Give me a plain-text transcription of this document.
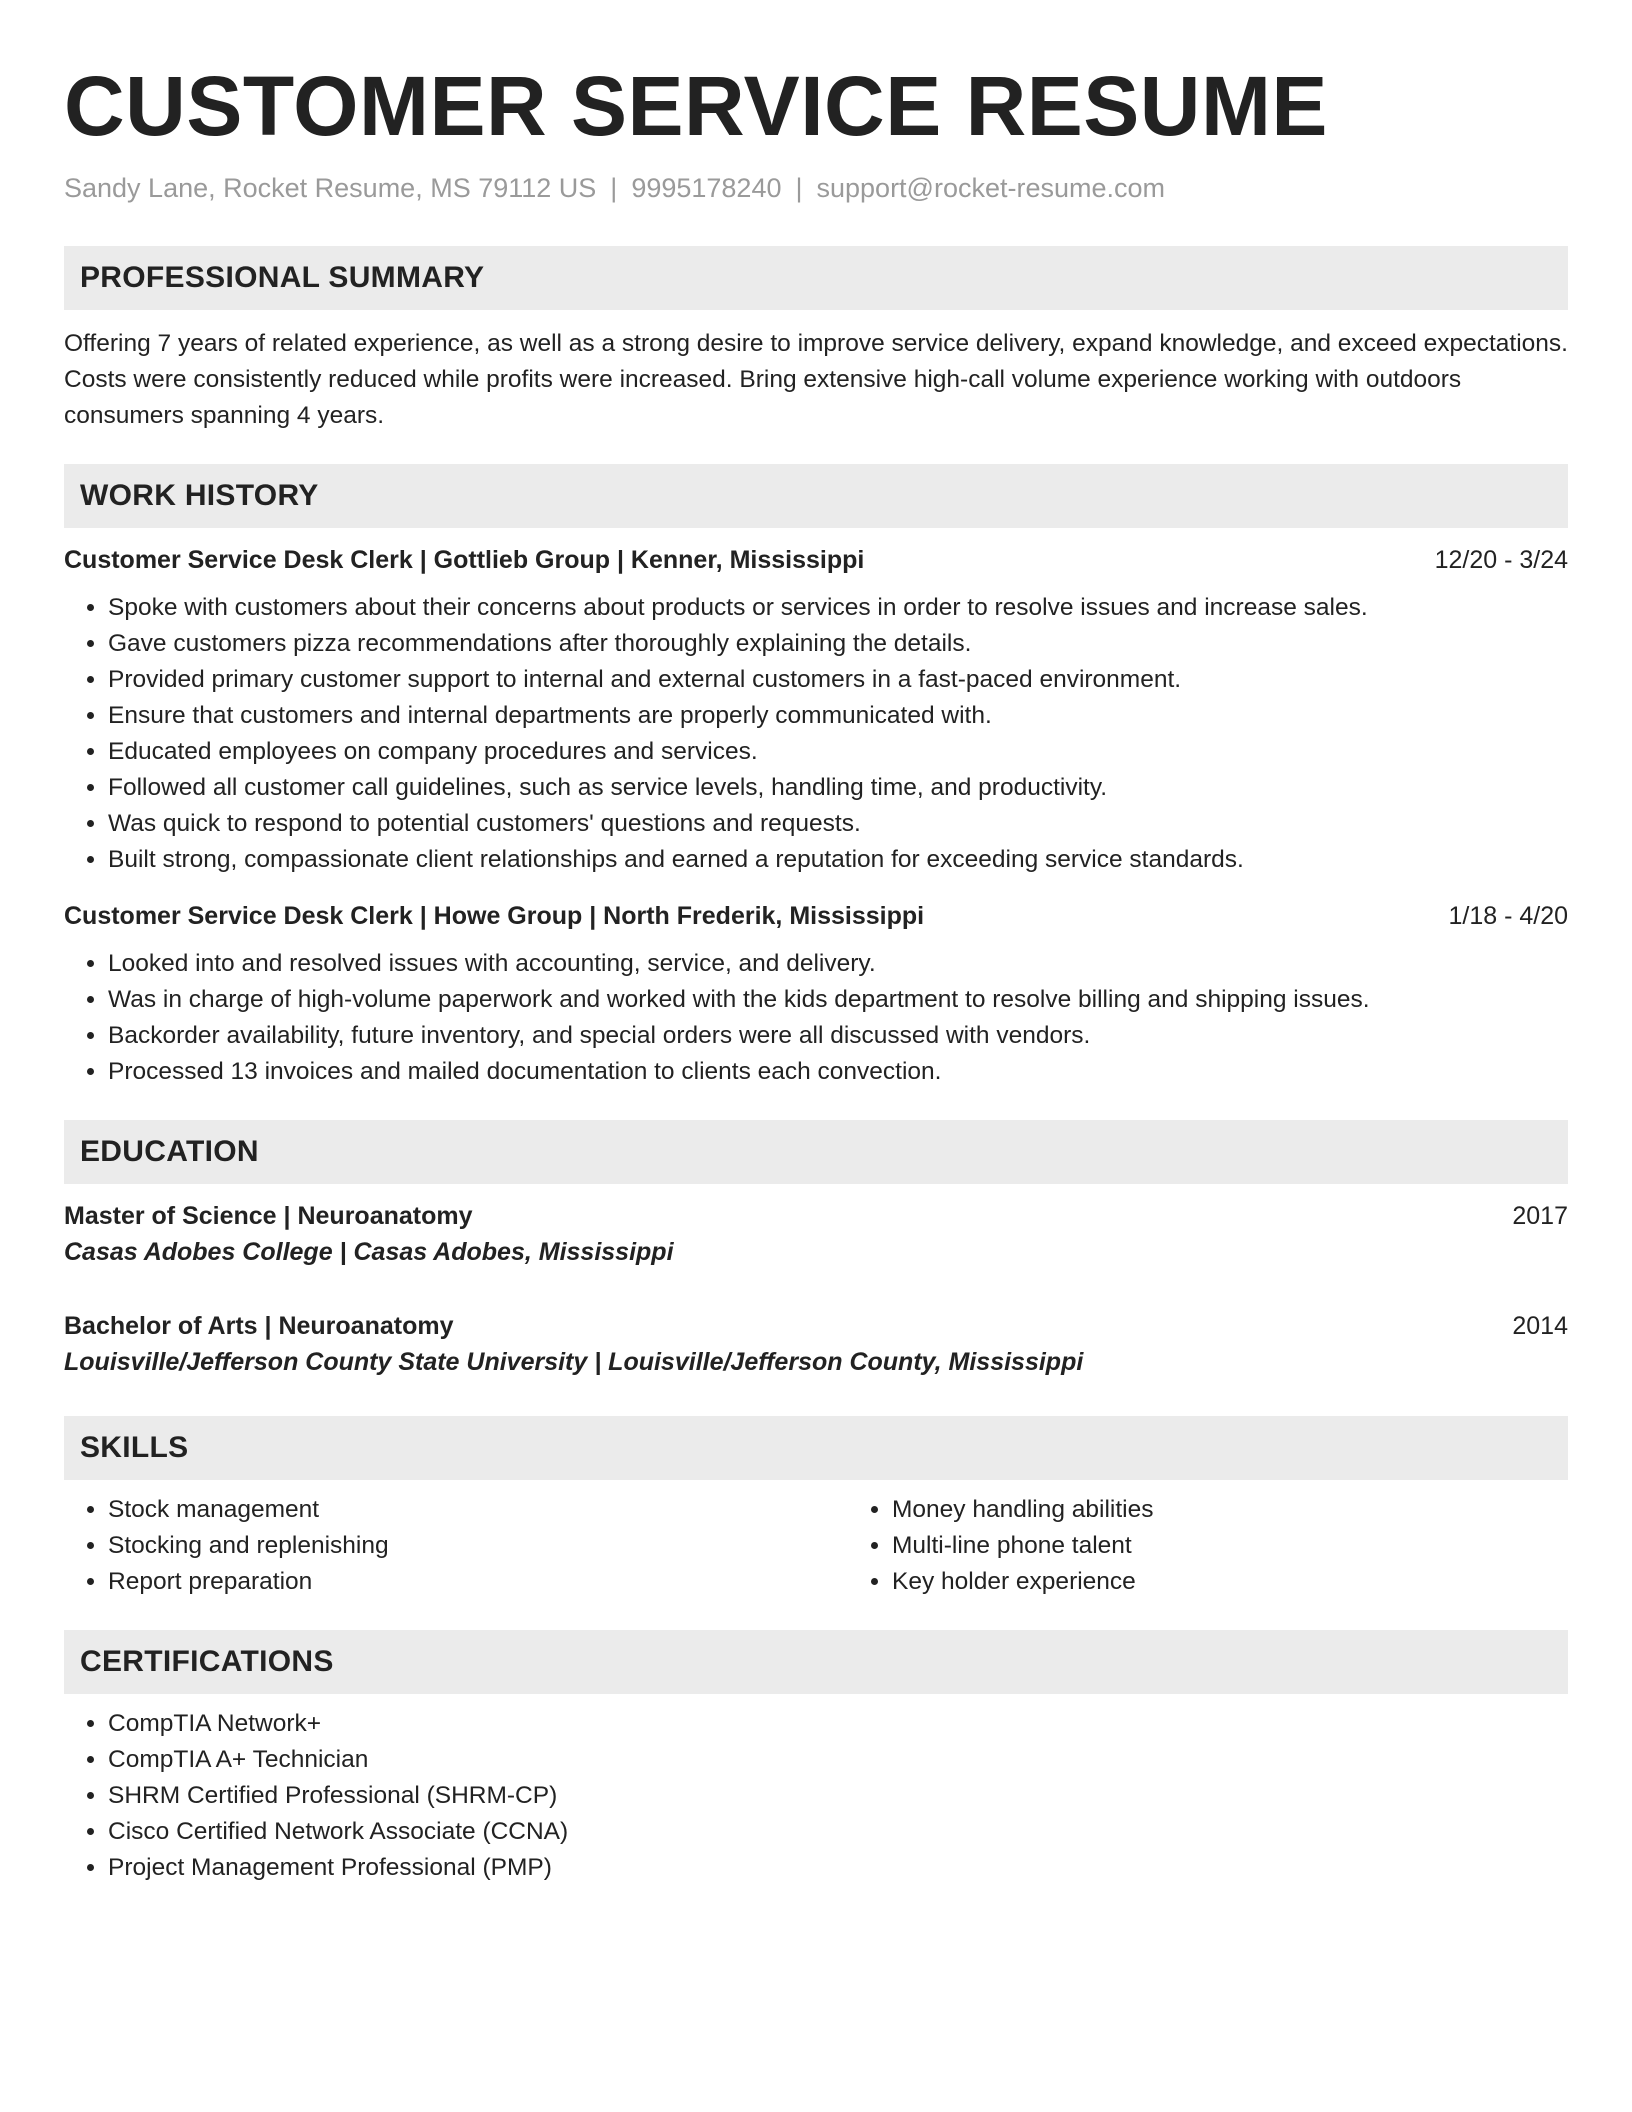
CUSTOMER SERVICE RESUME
Sandy Lane, Rocket Resume, MS 79112 US | 9995178240 | support@rocket-resume.com
PROFESSIONAL SUMMARY

Offering 7 years of related experience, as well as a strong desire to improve service delivery, expand knowledge, and exceed expectations. Costs were consistently reduced while profits were increased. Bring extensive high-call volume experience working with outdoors consumers spanning 4 years.

WORK HISTORY
Customer Service Desk Clerk | Gottlieb Group | Kenner, Mississippi	12/20 - 3/24
• Spoke with customers about their concerns about products or services in order to resolve issues and increase sales.
• Gave customers pizza recommendations after thoroughly explaining the details.
• Provided primary customer support to internal and external customers in a fast-paced environment.
• Ensure that customers and internal departments are properly communicated with.
• Educated employees on company procedures and services.
• Followed all customer call guidelines, such as service levels, handling time, and productivity.
• Was quick to respond to potential customers' questions and requests.
• Built strong, compassionate client relationships and earned a reputation for exceeding service standards.
Customer Service Desk Clerk | Howe Group | North Frederik, Mississippi	1/18 - 4/20
• Looked into and resolved issues with accounting, service, and delivery.
• Was in charge of high-volume paperwork and worked with the kids department to resolve billing and shipping issues.
• Backorder availability, future inventory, and special orders were all discussed with vendors.
• Processed 13 invoices and mailed documentation to clients each convection.
EDUCATION
Master of Science | Neuroanatomy	2017
Casas Adobes College | Casas Adobes, Mississippi
Bachelor of Arts | Neuroanatomy	2014
Louisville/Jefferson County State University | Louisville/Jefferson County, Mississippi
SKILLS
• Stock management
• Stocking and replenishing
• Report preparation
• Money handling abilities
• Multi-line phone talent
• Key holder experience
CERTIFICATIONS
• CompTIA Network+
• CompTIA A+ Technician
• SHRM Certified Professional (SHRM-CP)
• Cisco Certified Network Associate (CCNA)
• Project Management Professional (PMP)
